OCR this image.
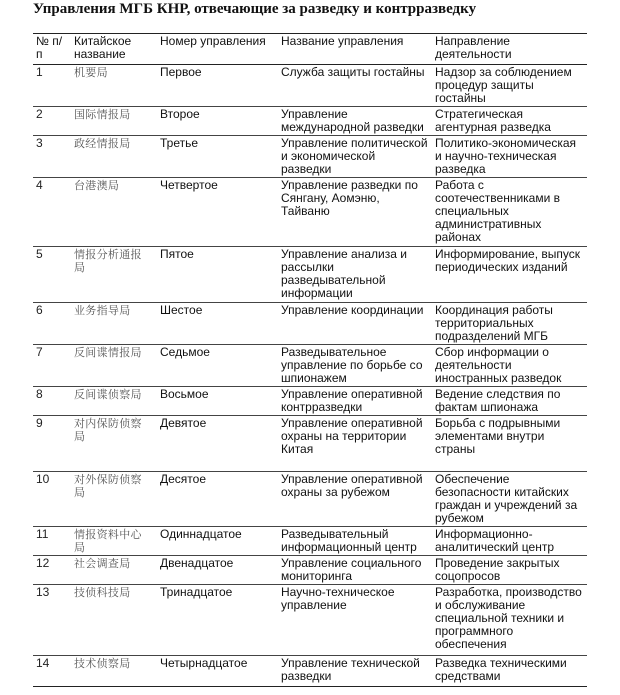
Управления МГБ КНР, отвечающие за разведку и контрразведку
№ п/п	Китайское название	Номер управления	Название управления	Направление деятельности
1	机要局	Первое	Служба защиты гостайны	Надзор за соблюдением процедур защиты гостайны
2	国际情报局	Второе	Управление международной разведки	Стратегическая агентурная разведка
3	政经情报局	Третье	Управление политической и экономической разведки	Политико-экономическая и научно-техническая разведка
4	台港澳局	Четвертое	Управление разведки по Сянгану, Аомэню, Тайваню	Работа с соотечественниками в специальных административных районах
5	情报分析通报局	Пятое	Управление анализа и рассылки разведывательной информации	Информирование, выпуск периодических изданий
6	业务指导局	Шестое	Управление координации	Координация работы территориальных подразделений МГБ
7	反间谍情报局	Седьмое	Разведывательное управление по борьбе со шпионажем	Сбор информации о деятельности иностранных разведок
8	反间谍侦察局	Восьмое	Управление оперативной контрразведки	Ведение следствия по фактам шпионажа
9	对内保防侦察局	Девятое	Управление оперативной охраны на территории Китая	Борьба с подрывными элементами внутри страны
10	对外保防侦察局	Десятое	Управление оперативной охраны за рубежом	Обеспечение безопасности китайских граждан и учреждений за рубежом
11	情报资料中心局	Одиннадцатое	Разведывательный информационный центр	Информационно-аналитический центр
12	社会调查局	Двенадцатое	Управление социального мониторинга	Проведение закрытых соцопросов
13	技侦科技局	Тринадцатое	Научно-техническое управление	Разработка, производство и обслуживание специальной техники и программного обеспечения
14	技术侦察局	Четырнадцатое	Управление технической разведки	Разведка техническими средствами
